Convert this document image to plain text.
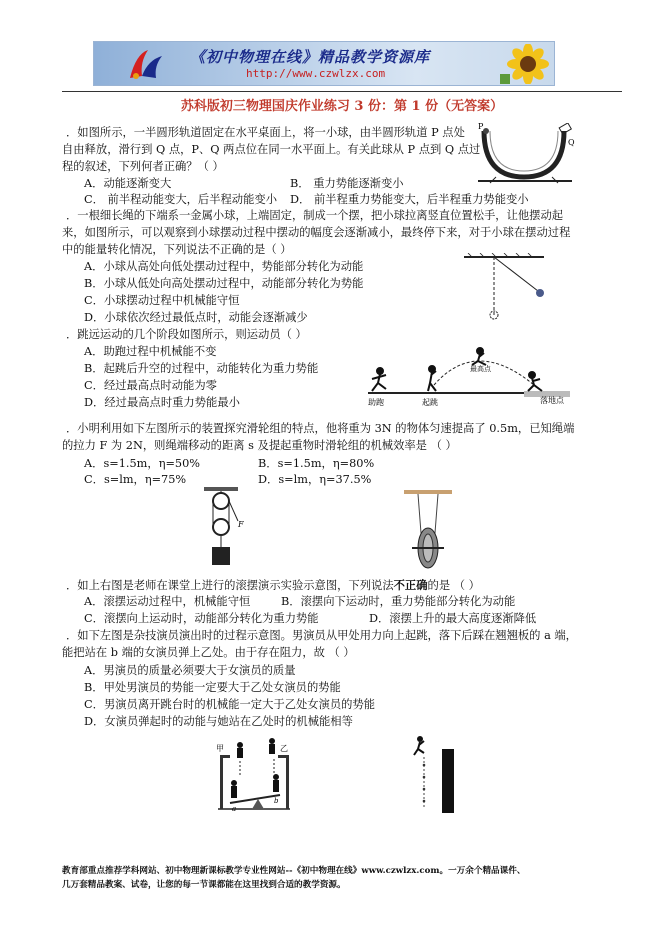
《初中物理在线》精品教学资源库
http://www.czwlzx.com
苏科版初三物理国庆作业练习 3 份：第 1 份（无答案）
．如图所示，一半圆形轨道固定在水平桌面上，将一小球，由半圆形轨道 P 点处
自由释放，滑行到 Q 点，P、Q 两点位在同一水平面上。有关此球从 P 点到 Q 点过
程的叙述，下列何者正确？（ ）
A．动能逐渐变大	B． 重力势能逐渐变小
C． 前半程动能变大，后半程动能变小 D． 前半程重力势能变大，后半程重力势能变小
P
Q
．一根细长绳的下端系一金属小球，上端固定，制成一个摆，把小球拉离竖直位置松手，让他摆动起
来，如图所示，可以观察到小球摆动过程中摆动的幅度会逐渐减小，最终停下来，对于小球在摆动过程
中的能量转化情况，下列说法不正确的是（ ）
A．小球从高处向低处摆动过程中，势能部分转化为动能
B．小球从低处向高处摆动过程中，动能部分转化为势能
C．小球摆动过程中机械能守恒
D．小球依次经过最低点时，动能会逐渐减少
．跳远运动的几个阶段如图所示，则运动员（ ）
A．助跑过程中机械能不变
B．起跳后升空的过程中，动能转化为重力势能
C．经过最高点时动能为零
D．经过最高点时重力势能最小	助跑	起跳
最高点
落地点
．小明利用如下左图所示的装置探究滑轮组的特点，他将重为 3N 的物体匀速提高了 0.5m，已知绳端
的拉力 F 为 2N，则绳端移动的距离 s 及提起重物时滑轮组的机械效率是 （ ）
A．s=1.5m，η=50%	B．s=1.5m，η=80%
C．s=lm，η=75%	D．s=lm，η=37.5%
F
．如上右图是老师在课堂上进行的滚摆演示实验示意图，下列说法不正确的是 （ ）
A．滚摆运动过程中，机械能守恒	B．滚摆向下运动时，重力势能部分转化为动能
C．滚摆向上运动时，动能部分转化为重力势能	D．滚摆上升的最大高度逐渐降低
．如下左图是杂技演员演出时的过程示意图。男演员从甲处用力向上起跳，落下后踩在翘翘板的 a 端，
能把站在 b 端的女演员弹上乙处。由于存在阻力，故 （ ）
A．男演员的质量必须要大于女演员的质量
B．甲处男演员的势能一定要大于乙处女演员的势能
C．男演员离开跳台时的机械能一定大于乙处女演员的势能
D．女演员弹起时的动能与她站在乙处时的机械能相等
甲	乙
a
b
教育部重点推荐学科网站、初中物理新课标教学专业性网站--《初中物理在线》www.czwlzx.com。一万余个精品课件、
几万套精品教案、试卷，让您的每一节课都能在这里找到合适的教学资源。
